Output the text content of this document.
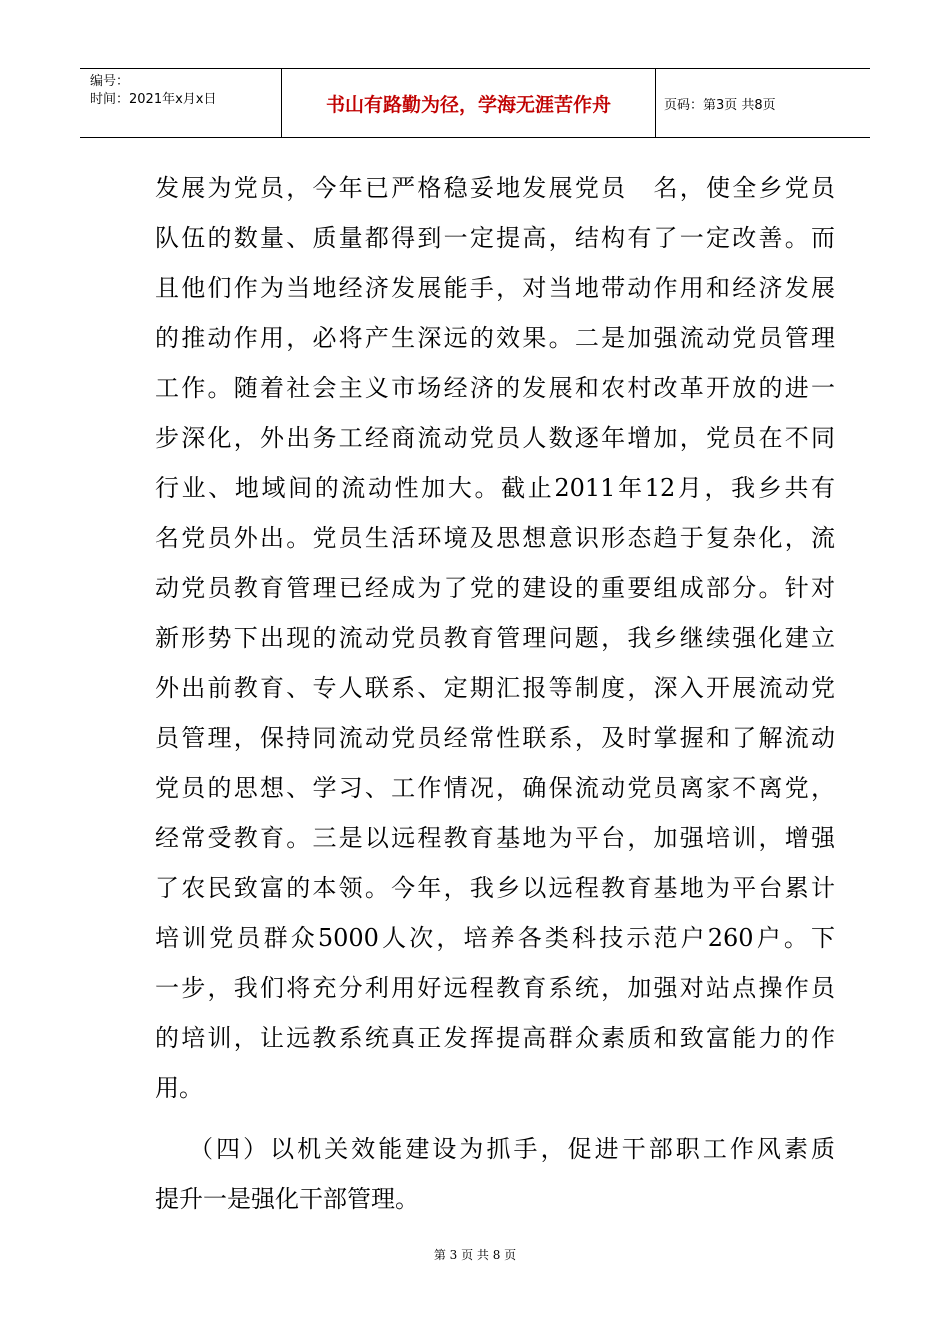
编号：
时间：2021年x月x日	书山有路勤为径，学海无涯苦作舟	页码：第3页 共8页
发展为党员，今年已严格稳妥地发展党员　名，使全乡党员
队伍的数量、质量都得到一定提高，结构有了一定改善。而
且他们作为当地经济发展能手，对当地带动作用和经济发展
的推动作用，必将产生深远的效果。二是加强流动党员管理
工作。随着社会主义市场经济的发展和农村改革开放的进一
步深化，外出务工经商流动党员人数逐年增加，党员在不同
行业、地域间的流动性加大。截止2011年12月，我乡共有
名党员外出。党员生活环境及思想意识形态趋于复杂化，流
动党员教育管理已经成为了党的建设的重要组成部分。针对
新形势下出现的流动党员教育管理问题，我乡继续强化建立
外出前教育、专人联系、定期汇报等制度，深入开展流动党
员管理，保持同流动党员经常性联系，及时掌握和了解流动
党员的思想、学习、工作情况，确保流动党员离家不离党，
经常受教育。三是以远程教育基地为平台，加强培训，增强
了农民致富的本领。今年，我乡以远程教育基地为平台累计
培训党员群众5000人次，培养各类科技示范户260户。下
一步，我们将充分利用好远程教育系统，加强对站点操作员
的培训，让远教系统真正发挥提高群众素质和致富能力的作
用。
（四）以机关效能建设为抓手，促进干部职工作风素质
提升一是强化干部管理。
第 3 页 共 8 页
